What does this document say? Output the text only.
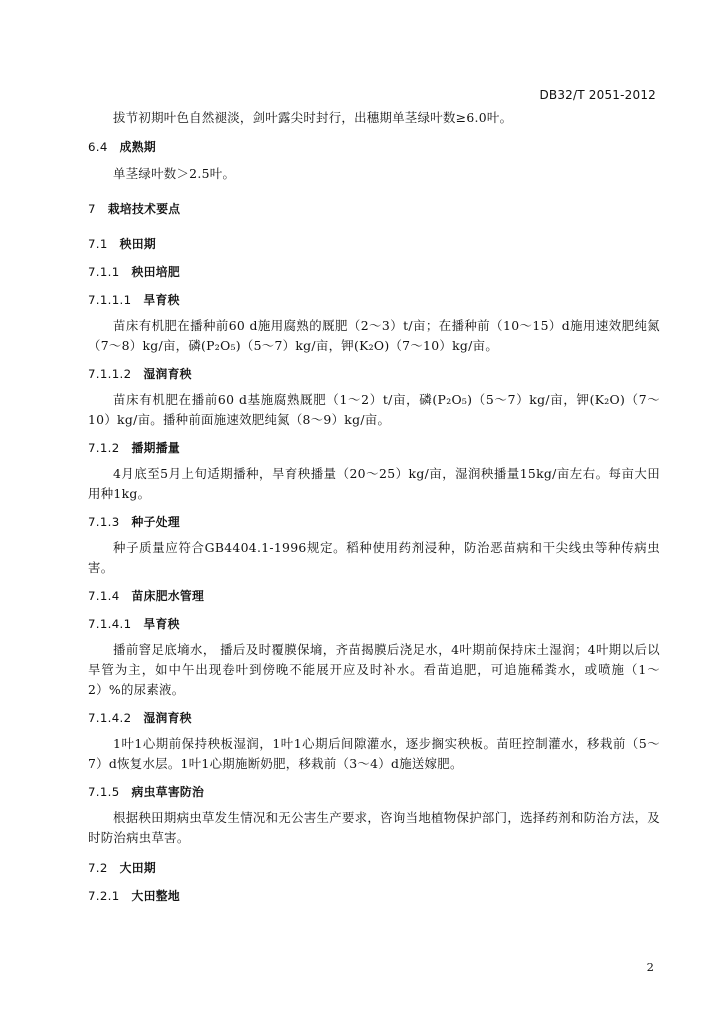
DB32/T 2051-2012

拔节初期叶色自然褪淡，剑叶露尖时封行，出穗期单茎绿叶数≥6.0叶。

6.4 成熟期

单茎绿叶数＞2.5叶。

7 栽培技术要点
7.1 秧田期
7.1.1 秧田培肥
7.1.1.1 旱育秧

苗床有机肥在播种前60 d施用腐熟的厩肥（2～3）t/亩；在播种前（10～15）d施用速效肥纯氮（7～8）kg/亩，磷(P₂O₅)（5～7）kg/亩，钾(K₂O)（7～10）kg/亩。

7.1.1.2 湿润育秧

苗床有机肥在播前60 d基施腐熟厩肥（1～2）t/亩，磷(P₂O₅)（5～7）kg/亩，钾(K₂O)（7～10）kg/亩。播种前面施速效肥纯氮（8～9）kg/亩。

7.1.2 播期播量

4月底至5月上旬适期播种，旱育秧播量（20～25）kg/亩，湿润秧播量15kg/亩左右。每亩大田用种1kg。

7.1.3 种子处理

种子质量应符合GB4404.1-1996规定。稻种使用药剂浸种，防治恶苗病和干尖线虫等种传病虫害。

7.1.4 苗床肥水管理
7.1.4.1 旱育秧

播前窨足底墒水， 播后及时覆膜保墒，齐苗揭膜后浇足水，4叶期前保持床土湿润；4叶期以后以旱管为主，如中午出现卷叶到傍晚不能展开应及时补水。看苗追肥，可追施稀粪水，或喷施（1～2）%的尿素液。

7.1.4.2 湿润育秧

1叶1心期前保持秧板湿润，1叶1心期后间隙灌水，逐步搁实秧板。苗旺控制灌水，移栽前（5～7）d恢复水层。1叶1心期施断奶肥，移栽前（3～4）d施送嫁肥。

7.1.5 病虫草害防治

根据秧田期病虫草发生情况和无公害生产要求，咨询当地植物保护部门，选择药剂和防治方法，及时防治病虫草害。

7.2 大田期
7.2.1 大田整地
2
